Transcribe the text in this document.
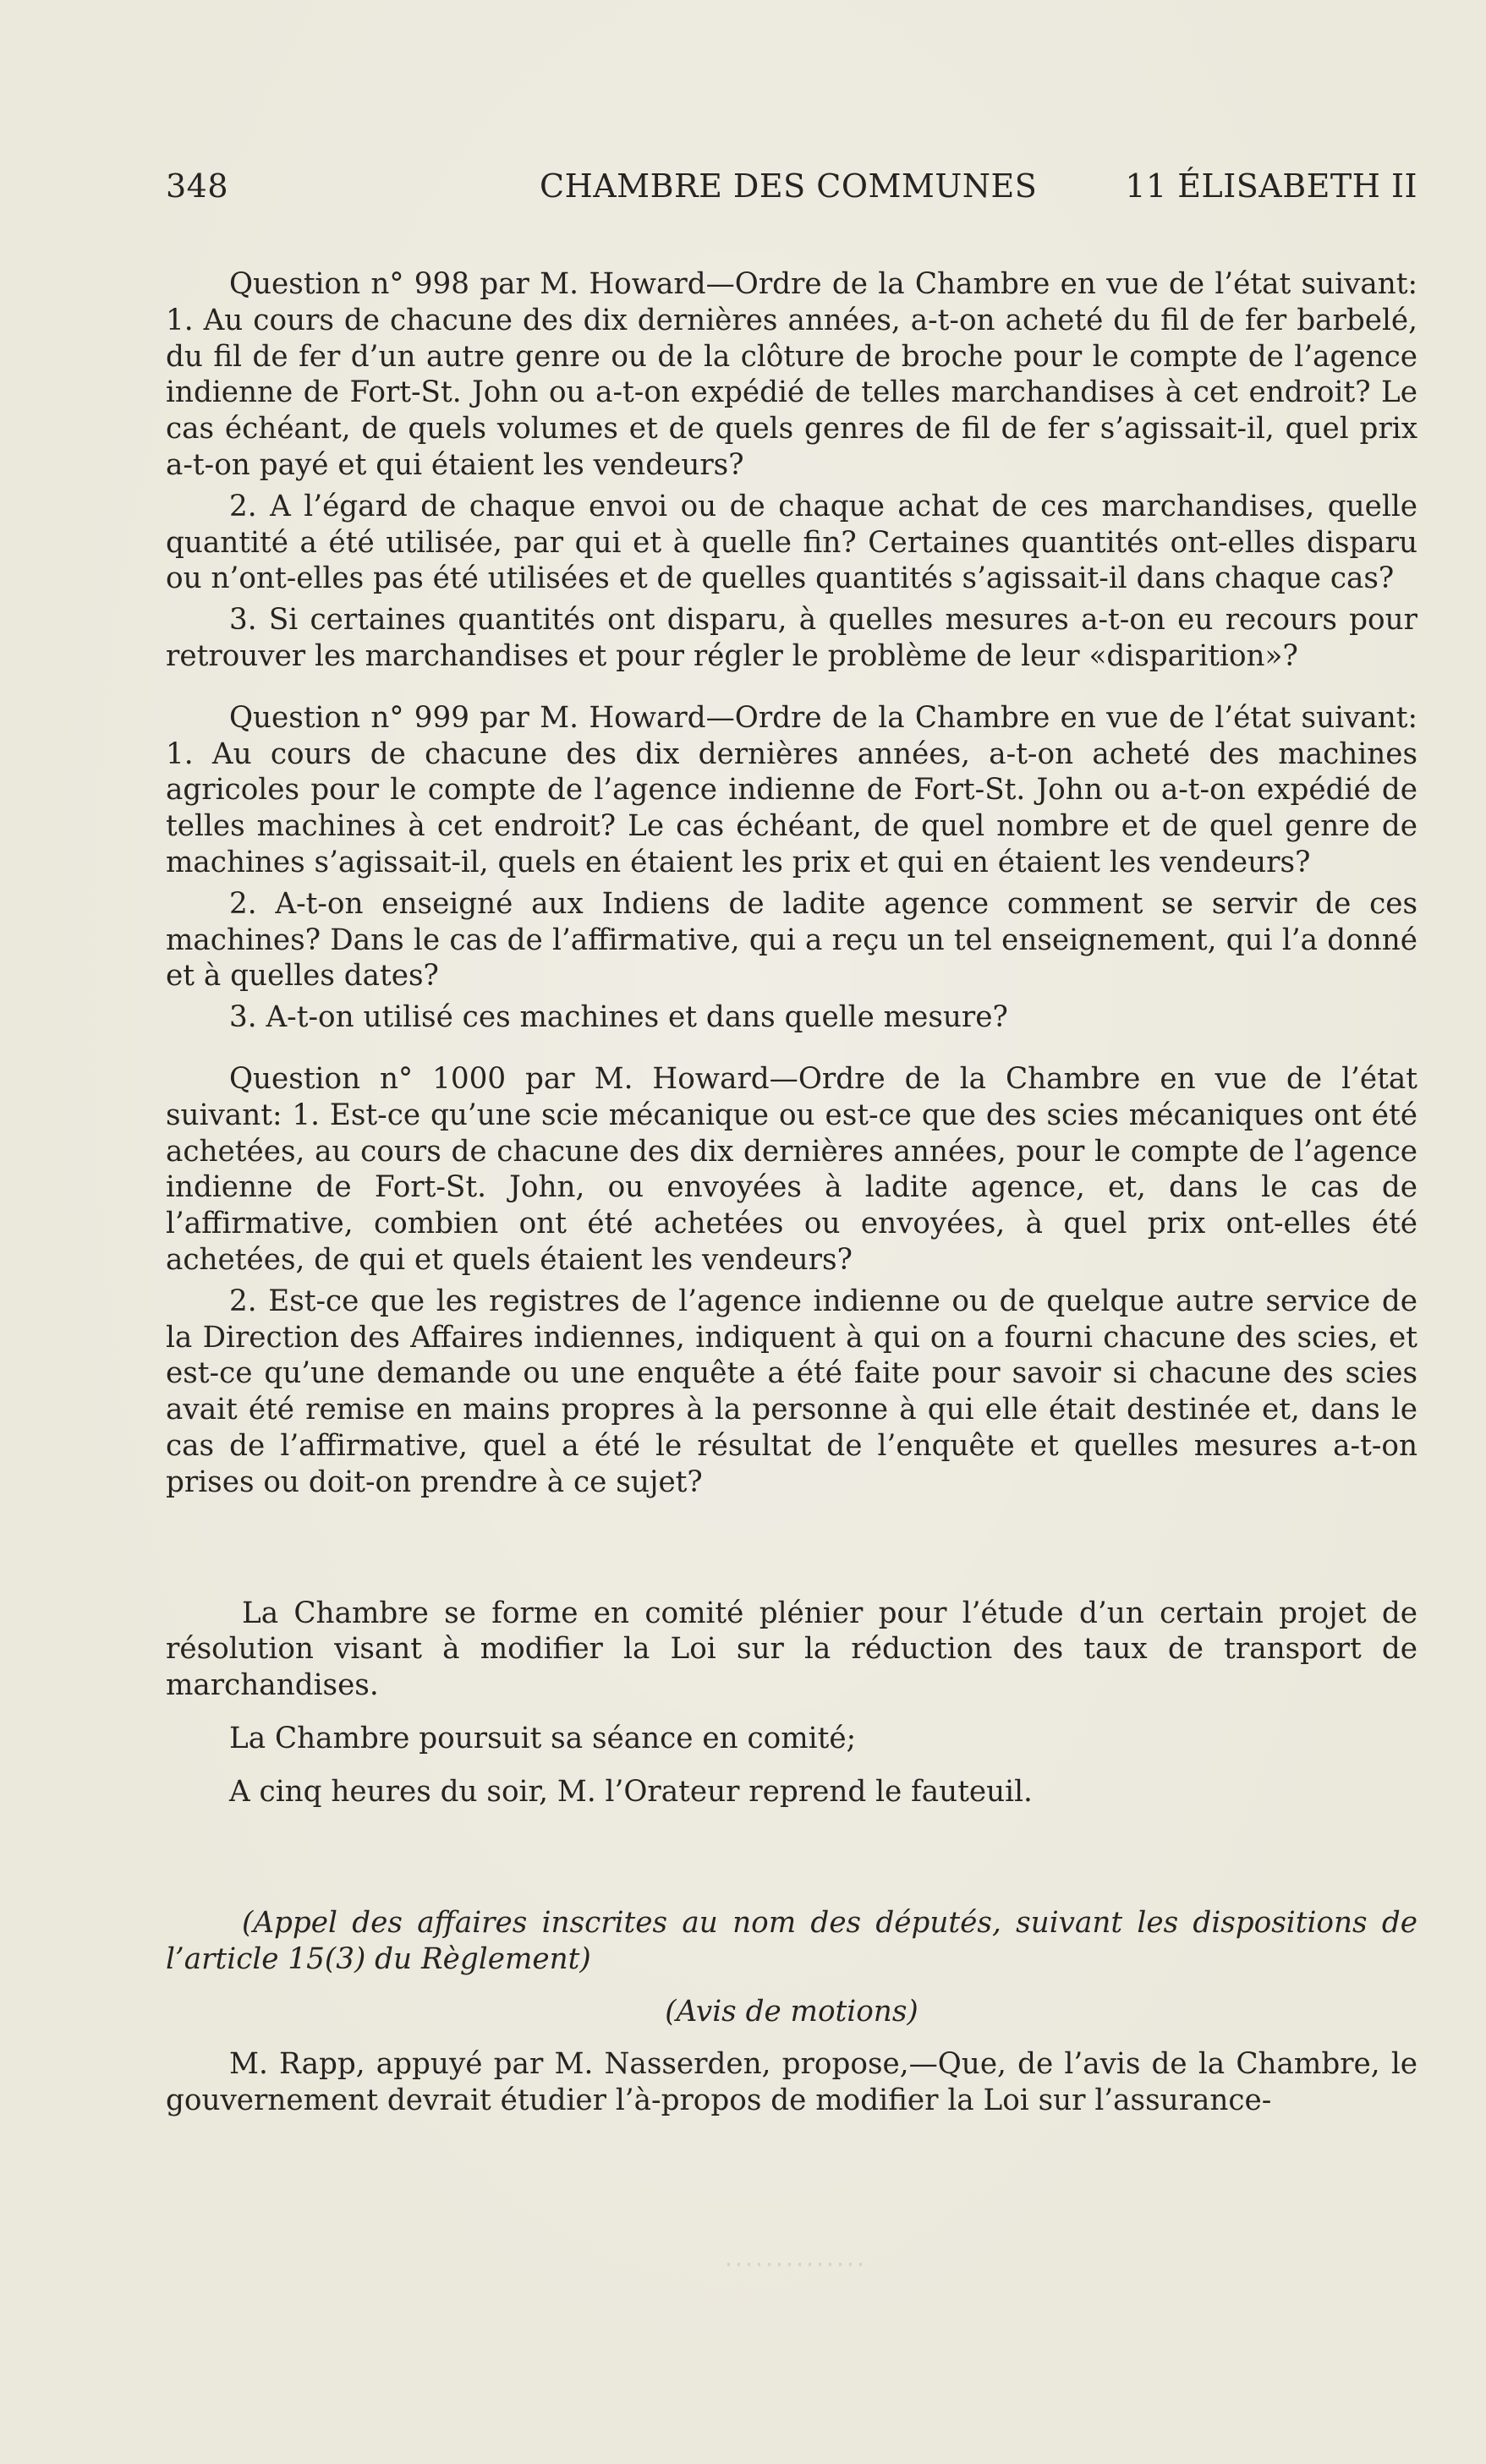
348	CHAMBRE DES COMMUNES	11 ÉLISABETH II

Question n° 998 par M. Howard—Ordre de la Chambre en vue de l’état suivant: 1. Au cours de chacune des dix dernières années, a-t-on acheté du fil de fer barbelé, du fil de fer d’un autre genre ou de la clôture de broche pour le compte de l’agence indienne de Fort-St. John ou a-t-on expédié de telles marchandises à cet endroit? Le cas échéant, de quels volumes et de quels genres de fil de fer s’agissait-il, quel prix a-t-on payé et qui étaient les vendeurs?

2. A l’égard de chaque envoi ou de chaque achat de ces marchandises, quelle quantité a été utilisée, par qui et à quelle fin? Certaines quantités ont-elles disparu ou n’ont-elles pas été utilisées et de quelles quantités s’agissait-il dans chaque cas?

3. Si certaines quantités ont disparu, à quelles mesures a-t-on eu recours pour retrouver les marchandises et pour régler le problème de leur «disparition»?

Question n° 999 par M. Howard—Ordre de la Chambre en vue de l’état suivant: 1. Au cours de chacune des dix dernières années, a-t-on acheté des machines agricoles pour le compte de l’agence indienne de Fort-St. John ou a-t-on expédié de telles machines à cet endroit? Le cas échéant, de quel nombre et de quel genre de machines s’agissait-il, quels en étaient les prix et qui en étaient les vendeurs?

2. A-t-on enseigné aux Indiens de ladite agence comment se servir de ces machines? Dans le cas de l’affirmative, qui a reçu un tel enseignement, qui l’a donné et à quelles dates?

3. A-t-on utilisé ces machines et dans quelle mesure?

Question n° 1000 par M. Howard—Ordre de la Chambre en vue de l’état suivant: 1. Est-ce qu’une scie mécanique ou est-ce que des scies mécaniques ont été achetées, au cours de chacune des dix dernières années, pour le compte de l’agence indienne de Fort-St. John, ou envoyées à ladite agence, et, dans le cas de l’affirmative, combien ont été achetées ou envoyées, à quel prix ont-elles été achetées, de qui et quels étaient les vendeurs?

2. Est-ce que les registres de l’agence indienne ou de quelque autre service de la Direction des Affaires indiennes, indiquent à qui on a fourni chacune des scies, et est-ce qu’une demande ou une enquête a été faite pour savoir si chacune des scies avait été remise en mains propres à la personne à qui elle était destinée et, dans le cas de l’affirmative, quel a été le résultat de l’enquête et quelles mesures a-t-on prises ou doit-on prendre à ce sujet?

La Chambre se forme en comité plénier pour l’étude d’un certain projet de résolution visant à modifier la Loi sur la réduction des taux de transport de marchandises.

La Chambre poursuit sa séance en comité;

A cinq heures du soir, M. l’Orateur reprend le fauteuil.

(Appel des affaires inscrites au nom des députés, suivant les dispositions de l’article 15(3) du Règlement)

(Avis de motions)

M. Rapp, appuyé par M. Nasserden, propose,—Que, de l’avis de la Chambre, le gouvernement devrait étudier l’à-propos de modifier la Loi sur l’assurance-
